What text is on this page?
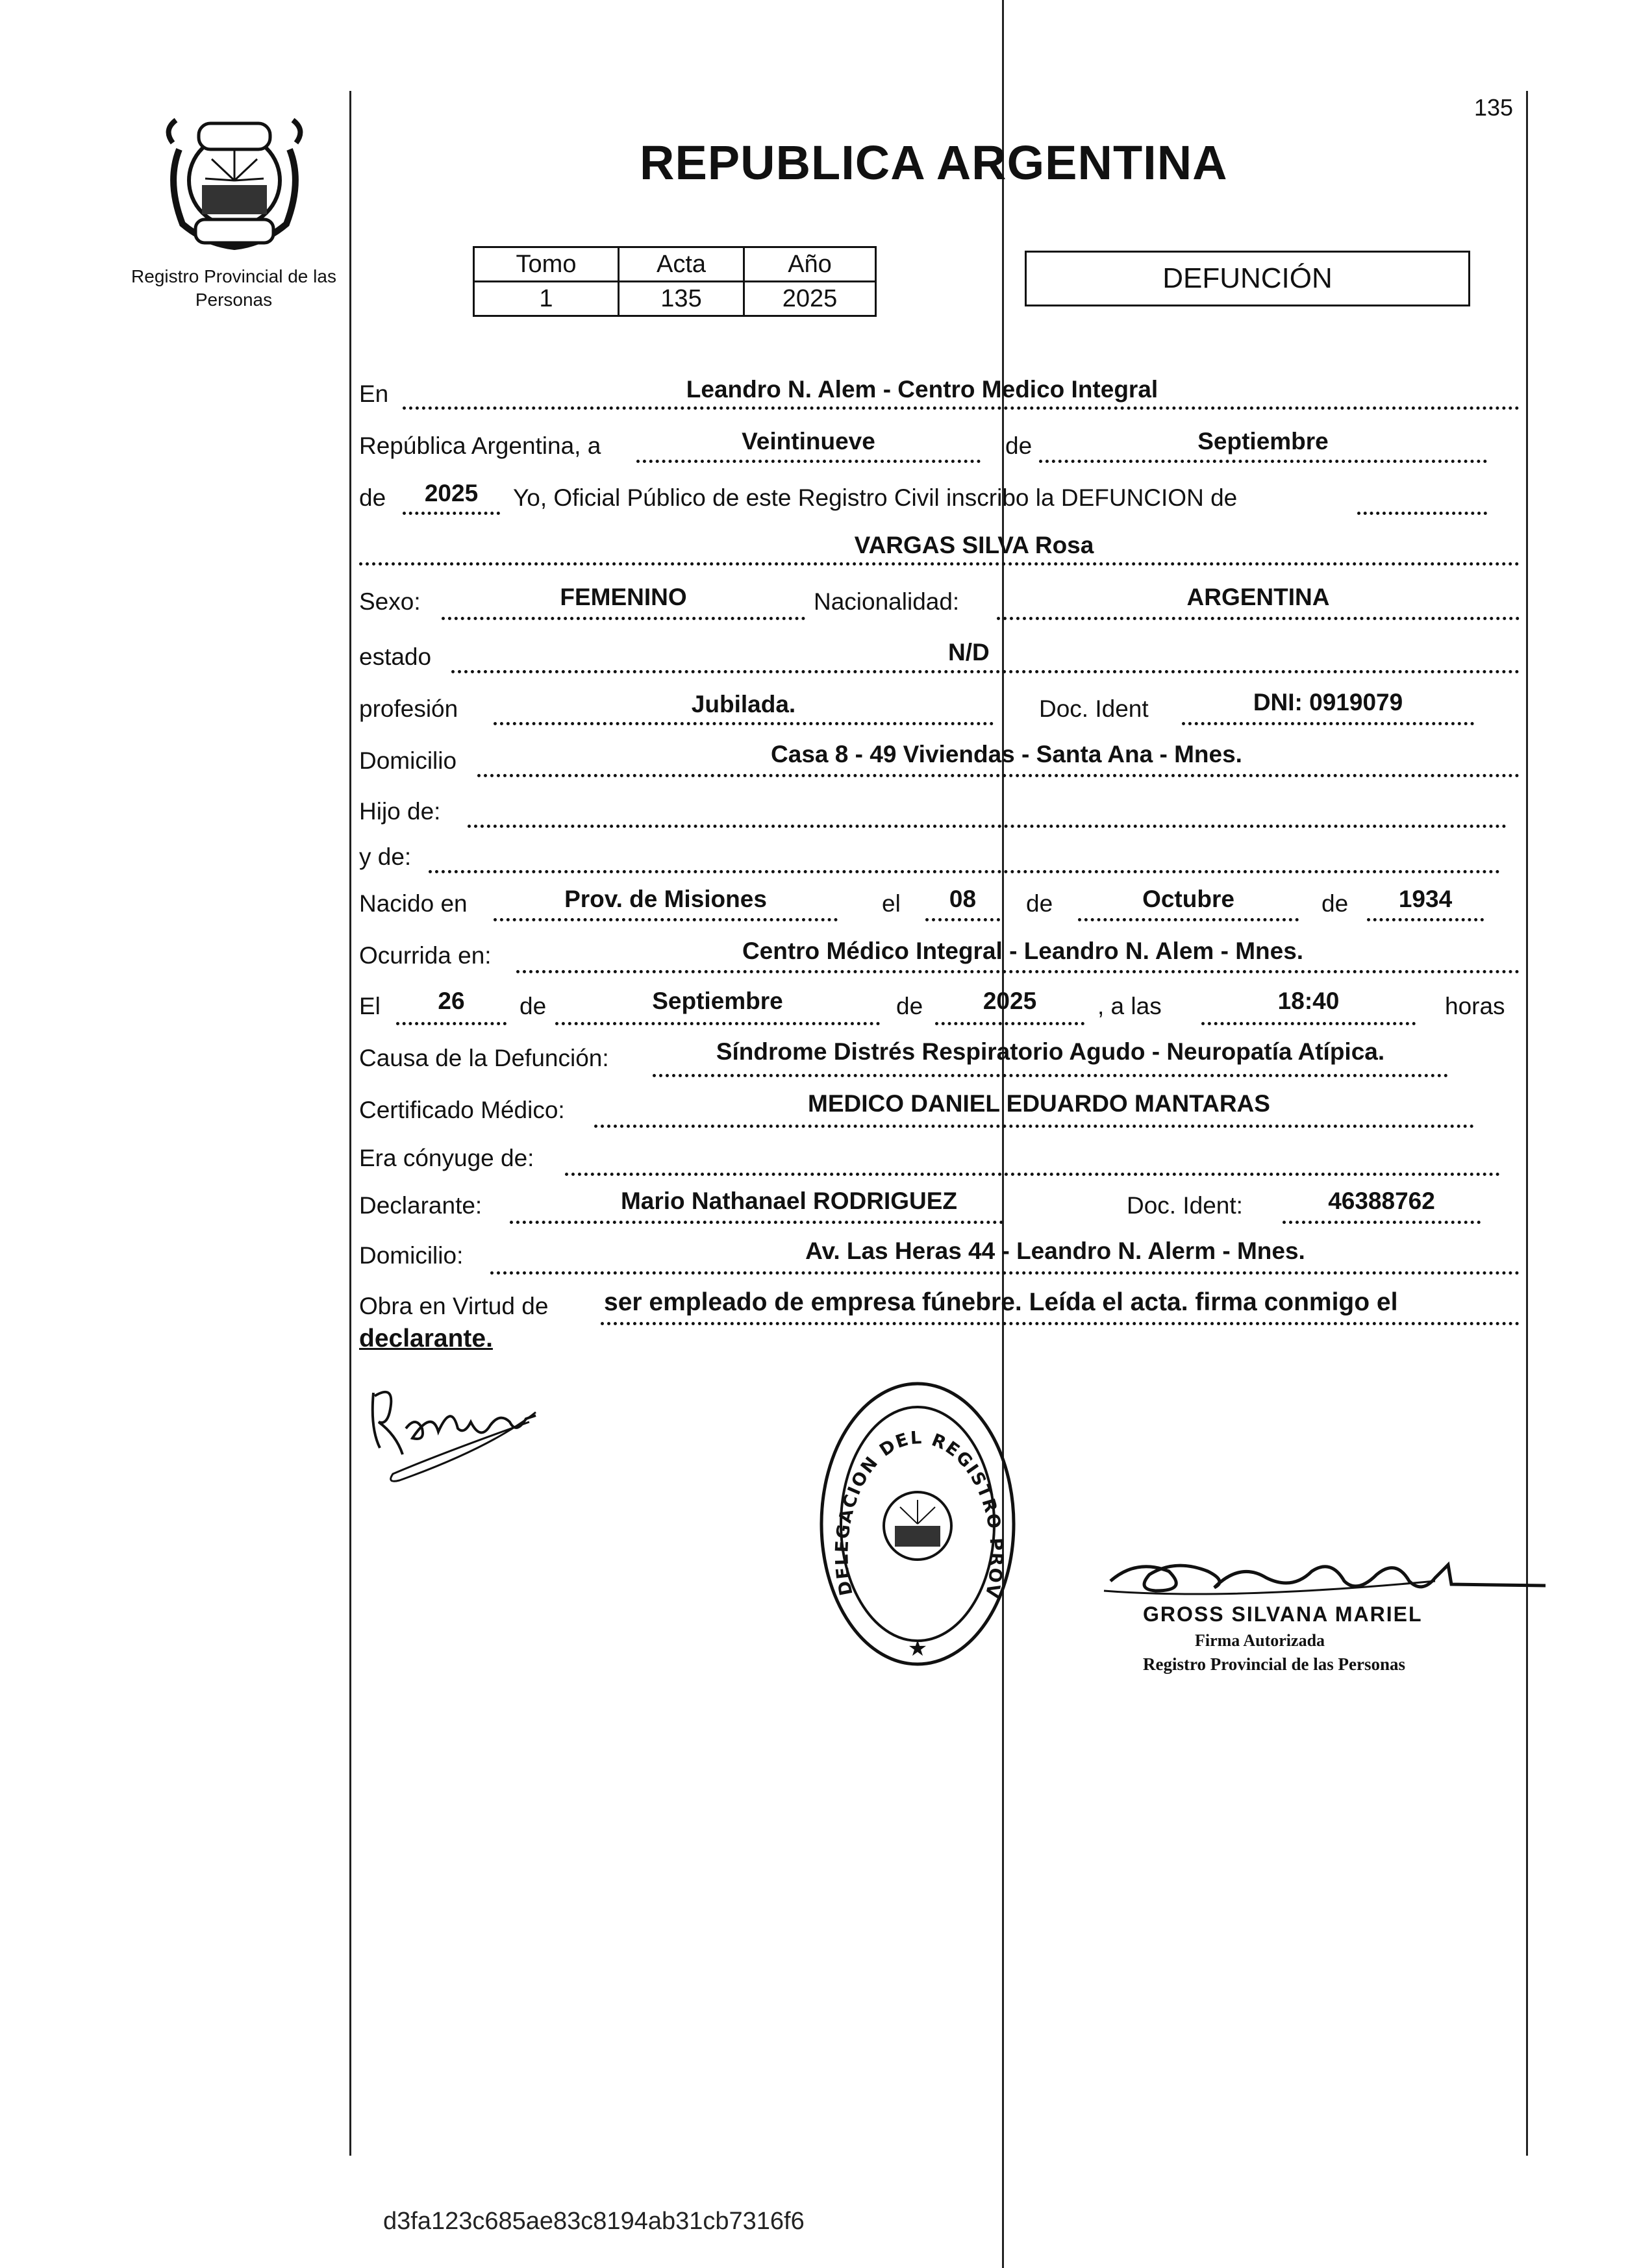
135
Registro Provincial de las Personas
REPUBLICA ARGENTINA
Tomo	Acta	Año
1	135	2025
DEFUNCIÓN
En	Leandro N. Alem - Centro Medico Integral
República Argentina, a	Veintinueve	de	Septiembre
de	2025	Yo, Oficial Público de este Registro Civil inscribo la DEFUNCION de
VARGAS SILVA Rosa
Sexo:	FEMENINO	Nacionalidad:	ARGENTINA
estado	N/D
profesión	Jubilada.	Doc. Ident	DNI: 0919079
Domicilio	Casa 8 - 49 Viviendas - Santa Ana - Mnes.
Hijo de:
y de:
Nacido en	Prov. de Misiones	el	08	de	Octubre	de	1934
Ocurrida en:	Centro Médico Integral - Leandro N. Alem - Mnes.
El	26	de	Septiembre	de	2025	, a las	18:40	horas
Causa de la Defunción:	Síndrome Distrés Respiratorio Agudo - Neuropatía Atípica.
Certificado Médico:	MEDICO DANIEL EDUARDO MANTARAS
Era cónyuge de:
Declarante:	Mario Nathanael RODRIGUEZ	Doc. Ident:	46388762
Domicilio:	Av. Las Heras 44 - Leandro N. Alerm - Mnes.
Obra en Virtud de ser empleado de empresa fúnebre. Leída el acta. firma conmigo el
declarante.
DELEGACION DEL REGISTRO PROV
★
GROSS SILVANA MARIEL
Firma Autorizada
Registro Provincial de las Personas
d3fa123c685ae83c8194ab31cb7316f6
